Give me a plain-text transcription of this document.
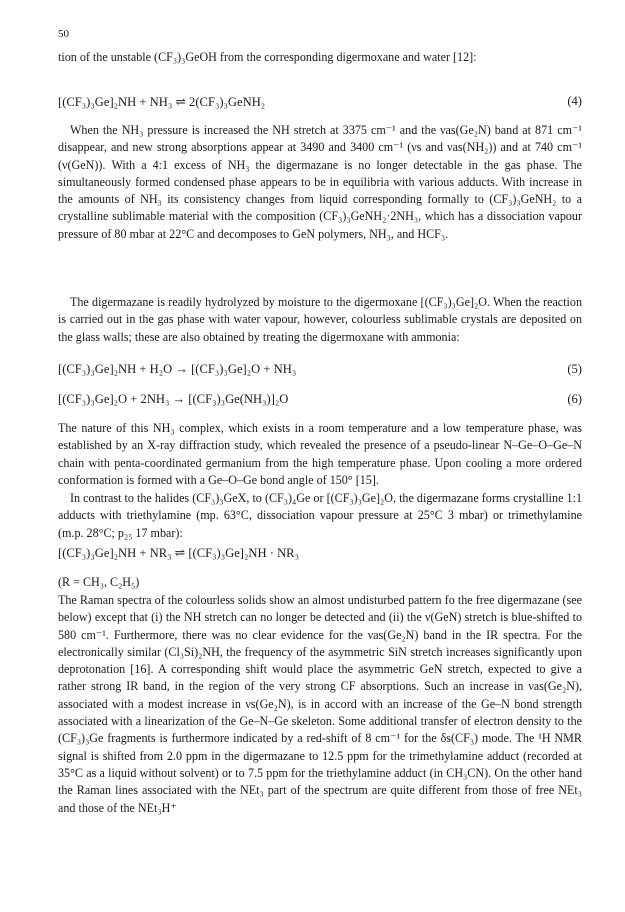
50

tion of the unstable (CF₃)₃GeOH from the corresponding digermoxane and water [12]:

[(CF₃)₃Ge]₂NH + NH₃ ⇌ 2(CF₃)₃GeNH₂	(4)

When the NH₃ pressure is increased the NH stretch at 3375 cm⁻¹ and the νas(Ge₂N) band at 871 cm⁻¹ disappear, and new strong absorptions appear at 3490 and 3400 cm⁻¹ (νs and νas(NH₂)) and at 740 cm⁻¹ (ν(GeN)). With a 4:1 excess of NH₃ the digermazane is no longer detectable in the gas phase. The simultaneously formed condensed phase appears to be in equilibria with various adducts. With increase in the amounts of NH₃ its consistency changes from liquid corresponding formally to (CF₃)₃GeNH₂ to a crystalline sublimable material with the composition (CF₃)₃GeNH₂·2NH₃, which has a dissociation vapour pressure of 80 mbar at 22°C and decomposes to GeN polymers, NH₃, and HCF₃.

The digermazane is readily hydrolyzed by moisture to the digermoxane [(CF₃)₃Ge]₂O. When the reaction is carried out in the gas phase with water vapour, however, colourless sublimable crystals are deposited on the glass walls; these are also obtained by treating the digermoxane with ammonia:

[(CF₃)₃Ge]₂NH + H₂O → [(CF₃)₃Ge]₂O + NH₃	(5)
[(CF₃)₃Ge]₂O + 2NH₃ → [(CF₃)₃Ge(NH₃)]₂O	(6)

The nature of this NH₃ complex, which exists in a room temperature and a low temperature phase, was established by an X-ray diffraction study, which revealed the presence of a pseudo-linear N–Ge–O–Ge–N chain with penta-coordinated germanium from the high temperature phase. Upon cooling a more ordered conformation is formed with a Ge–O–Ge bond angle of 150° [15].

In contrast to the halides (CF₃)₃GeX, to (CF₃)₄Ge or [(CF₃)₃Ge]₂O, the digermazane forms crystalline 1:1 adducts with triethylamine (mp. 63°C, dissociation vapour pressure at 25°C 3 mbar) or trimethylamine (m.p. 28°C; p₂₅ 17 mbar):

[(CF₃)₃Ge]₂NH + NR₃ ⇌ [(CF₃)₃Ge]₂NH · NR₃

(R = CH₃, C₂H₅)

The Raman spectra of the colourless solids show an almost undisturbed pattern fo the free digermazane (see below) except that (i) the NH stretch can no longer be detected and (ii) the ν(GeN) stretch is blue-shifted to 580 cm⁻¹. Furthermore, there was no clear evidence for the νas(Ge₂N) band in the IR spectra. For the electronically similar (Cl₃Si)₂NH, the frequency of the asymmetric SiN stretch increases significantly upon deprotonation [16]. A corresponding shift would place the asymmetric GeN stretch, expected to give a rather strong IR band, in the region of the very strong CF absorptions. Such an increase in νas(Ge₂N), associated with a modest increase in νs(Ge₂N), is in accord with an increase of the Ge–N bond strength associated with a linearization of the Ge–N–Ge skeleton. Some additional transfer of electron density to the (CF₃)₃Ge fragments is furthermore indicated by a red-shift of 8 cm⁻¹ for the δs(CF₃) mode. The ¹H NMR signal is shifted from 2.0 ppm in the digermazane to 12.5 ppm for the trimethylamine adduct (recorded at 35°C as a liquid without solvent) or to 7.5 ppm for the triethylamine adduct (in CH₃CN). On the other hand the Raman lines associated with the NEt₃ part of the spectrum are quite different from those of free NEt₃ and those of the NEt₃H⁺
